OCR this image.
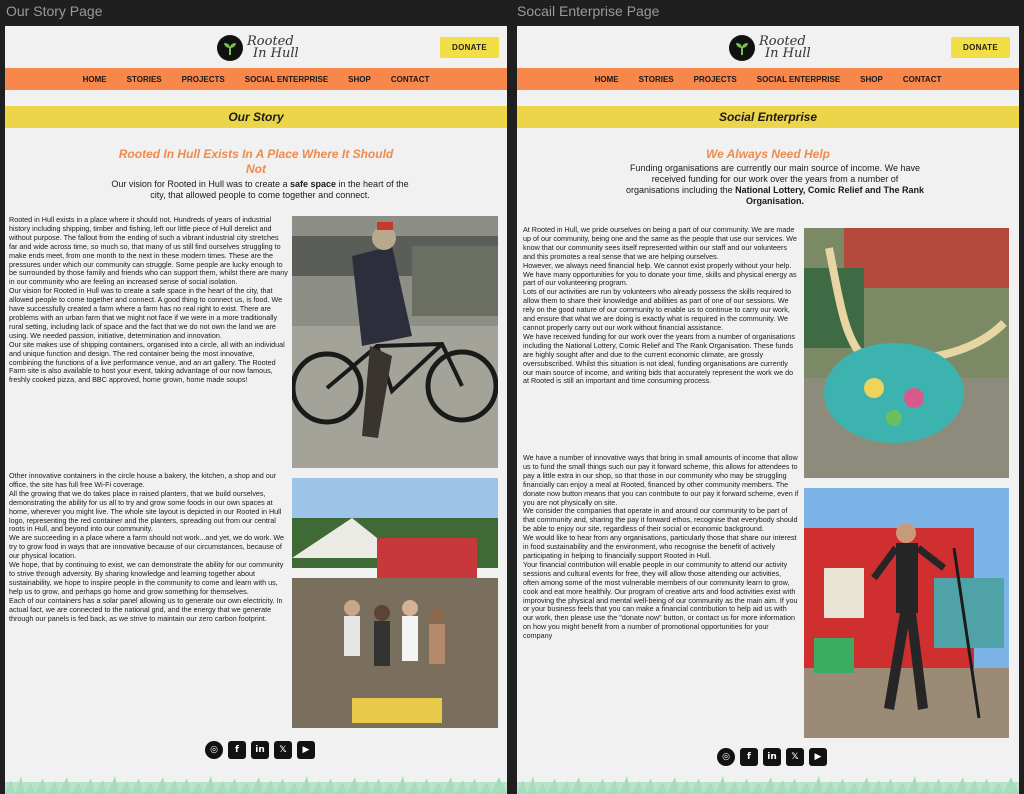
Our Story Page	Socail Enterprise Page
Rooted
In Hull	DONATE
HOME	STORIES	PROJECTS	SOCIAL ENTERPRISE	SHOP	CONTACT
Our Story
Rooted In Hull Exists In A Place Where It Should
Not
Our vision for Rooted in Hull was to create a safe space in the heart of the city, that allowed people to come together and connect.
Rooted in Hull exists in a place where it should not. Hundreds of years of industrial history including shipping, timber and fishing, left our little piece of Hull derelict and without purpose. The fallout from the ending of such a vibrant industrial city stretches far and wide across time, so much so, that many of us still find ourselves struggling to make ends meet, from one month to the next in these modern times. These are the pressures under which our community can struggle. Some people are lucky enough to be surrounded by those family and friends who can support them, whilst there are many in our community who are feeling an increased sense of social isolation.
Our vision for Rooted in Hull was to create a safe space in the heart of the city, that allowed people to come together and connect. A good thing to connect us, is food. We have successfully created a farm where a farm has no real right to exist. There are problems with an urban farm that we might not face if we were in a more traditionally rural setting, including lack of space and the fact that we do not own the land we are using. We needed passion, initiative, determination and innovation.
Our site makes use of shipping containers, organised into a circle, all with an individual and unique function and design. The red container being the most innovative, combining the functions of a live performance venue, and an art gallery. The Rooted Farm site is also available to host your event, taking advantage of our now famous, freshly cooked pizza, and BBC approved, home grown, home made soups!
Other innovative containers in the circle house a bakery, the kitchen, a shop and our office, the site has full free Wi-Fi coverage.
All the growing that we do takes place in raised planters, that we build ourselves, demonstrating the ability for us all to try and grow some foods in our own spaces at home, wherever you might live. The whole site layout is depicted in our Rooted in Hull logo, representing the red container and the planters, spreading out from our central roots in Hull, and beyond into our community.
We are succeeding in a place where a farm should not work...and yet, we do work. We try to grow food in ways that are innovative because of our circumstances, because of our physical location.
We hope, that by continuing to exist, we can demonstrate the ability for our community to strive through adversity. By sharing knowledge and learning together about sustainability, we hope to inspire people in the community to come and learn with us, help us to grow, and perhaps go home and grow something for themselves.
Each of our containers has a solar panel allowing us to generate our own electricity. In actual fact, we are connected to the national grid, and the energy that we generate through our panels is fed back, as we strive to maintain our zero carbon footprint.
◎	f	in	𝕏	▶
Rooted
In Hull	DONATE
HOME	STORIES	PROJECTS	SOCIAL ENTERPRISE	SHOP	CONTACT
Social Enterprise
We Always Need Help
Funding organisations are currently our main source of income. We have received funding for our work over the years from a number of organisations including the National Lottery, Comic Relief and The Rank Organisation.
At Rooted in Hull, we pride ourselves on being a part of our community. We are made up of our community, being one and the same as the people that use our services. We know that our community sees itself represented within our staff and our volunteers and this promotes a real sense that we are helping ourselves.
However, we always need financial help. We cannot exist properly without your help. We have many opportunities for you to donate your time, skills and physical energy as part of our volunteering program.
Lots of our activities are run by volunteers who already possess the skills required to allow them to share their knowledge and abilities as part of one of our sessions. We rely on the good nature of our community to enable us to continue to carry our work, and ensure that what we are doing is exactly what is required in the community. We cannot properly carry out our work without financial assistance.
We have received funding for our work over the years from a number of organisations including the National Lottery, Comic Relief and The Rank Organisation. These funds are highly sought after and due to the current economic climate, are grossly oversubscribed. Whilst this situation is not ideal, funding organisations are currently our main source of income, and writing bids that accurately represent the work we do at Rooted is still an important and time consuming process.
We have a number of innovative ways that bring in small amounts of income that allow us to fund the small things such our pay it forward scheme, this allows for attendees to pay a little extra in our shop, so that those in our community who may be struggling financially can enjoy a meal at Rooted, financed by other community members. The donate now button means that you can contribute to our pay it forward scheme, even if you are not physically on site.
We consider the companies that operate in and around our community to be part of that community and, sharing the pay it forward ethos, recognise that everybody should be able to enjoy our site, regardless of their social or economic background.
We would like to hear from any organisations, particularly those that share our interest in food sustainability and the environment, who recognise the benefit of actively participating in helping to financially support Rooted in Hull.
Your financial contribution will enable people in our community to attend our activity sessions and cultural events for free, they will allow those attending our activities, often among some of the most vulnerable members of our community learn to grow, cook and eat more healthily. Our program of creative arts and food activities exist with improving the physical and mental well-being of our community as the main aim. If you or your business feels that you can make a financial contribution to help aid us with our work, then please use the "donate now" button, or contact us for more information on how you might benefit from a number of promotional opportunities for your company
◎	f	in	𝕏	▶
